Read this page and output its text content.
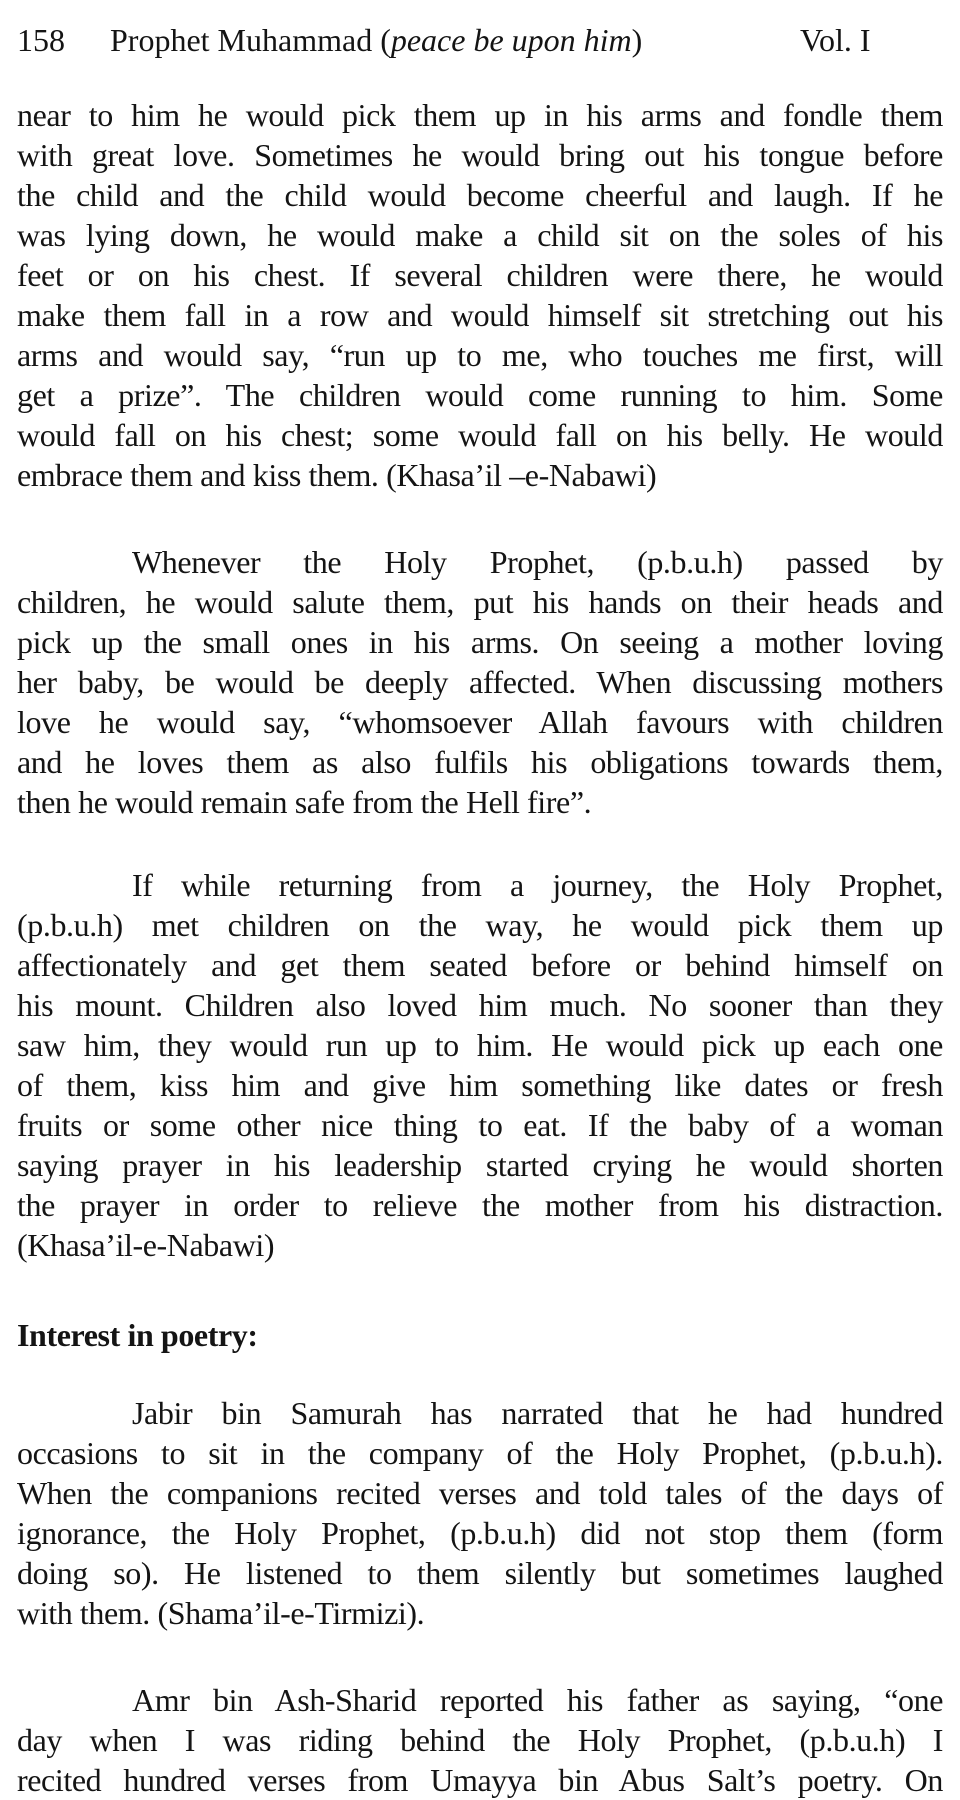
158 Prophet Muhammad (peace be upon him)	Vol. I
near to him he would pick them up in his arms and fondle them
with great love. Sometimes he would bring out his tongue before
the child and the child would become cheerful and laugh. If he
was lying down, he would make a child sit on the soles of his
feet or on his chest. If several children were there, he would
make them fall in a row and would himself sit stretching out his
arms and would say, “run up to me, who touches me first, will
get a prize”. The children would come running to him. Some
would fall on his chest; some would fall on his belly. He would
embrace them and kiss them. (Khasa’il –e-Nabawi)
Whenever the Holy Prophet, (p.b.u.h) passed by
children, he would salute them, put his hands on their heads and
pick up the small ones in his arms. On seeing a mother loving
her baby, be would be deeply affected. When discussing mothers
love he would say, “whomsoever Allah favours with children
and he loves them as also fulfils his obligations towards them,
then he would remain safe from the Hell fire”.
If while returning from a journey, the Holy Prophet,
(p.b.u.h) met children on the way, he would pick them up
affectionately and get them seated before or behind himself on
his mount. Children also loved him much. No sooner than they
saw him, they would run up to him. He would pick up each one
of them, kiss him and give him something like dates or fresh
fruits or some other nice thing to eat. If the baby of a woman
saying prayer in his leadership started crying he would shorten
the prayer in order to relieve the mother from his distraction.
(Khasa’il-e-Nabawi)
Interest in poetry:
Jabir bin Samurah has narrated that he had hundred
occasions to sit in the company of the Holy Prophet, (p.b.u.h).
When the companions recited verses and told tales of the days of
ignorance, the Holy Prophet, (p.b.u.h) did not stop them (form
doing so). He listened to them silently but sometimes laughed
with them. (Shama’il-e-Tirmizi).
Amr bin Ash-Sharid reported his father as saying, “one
day when I was riding behind the Holy Prophet, (p.b.u.h) I
recited hundred verses from Umayya bin Abus Salt’s poetry. On
